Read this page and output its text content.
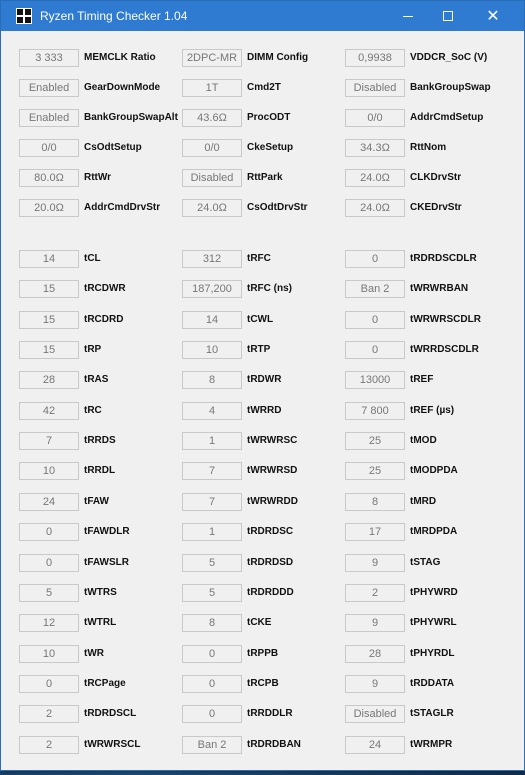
Ryzen Timing Checker 1.04	✕
3 333	MEMCLK Ratio	2DPC-MR DIMM Config	0,9938	VDDCR_SoC (V)
Enabled	GearDownMode	1T	Cmd2T	Disabled	BankGroupSwap
Enabled	BankGroupSwapAlt	43.6Ω	ProcODT	0/0	AddrCmdSetup
0/0	CsOdtSetup	0/0	CkeSetup	34.3Ω	RttNom
80.0Ω	RttWr	Disabled	RttPark	24.0Ω	CLKDrvStr
20.0Ω	AddrCmdDrvStr	24.0Ω	CsOdtDrvStr	24.0Ω	CKEDrvStr
14	tCL	312	tRFC	0	tRDRDSCDLR
15	tRCDWR	187,200	tRFC (ns)	Ban 2	tWRWRBAN
15	tRCDRD	14	tCWL	0	tWRWRSCDLR
15	tRP	10	tRTP	0	tWRRDSCDLR
28	tRAS	8	tRDWR	13000	tREF
42	tRC	4	tWRRD	7 800	tREF (µs)
7	tRRDS	1	tWRWRSC	25	tMOD
10	tRRDL	7	tWRWRSD	25	tMODPDA
24	tFAW	7	tWRWRDD	8	tMRD
0	tFAWDLR	1	tRDRDSC	17	tMRDPDA
0	tFAWSLR	5	tRDRDSD	9	tSTAG
5	tWTRS	5	tRDRDDD	2	tPHYWRD
12	tWTRL	8	tCKE	9	tPHYWRL
10	tWR	0	tRPPB	28	tPHYRDL
0	tRCPage	0	tRCPB	9	tRDDATA
2	tRDRDSCL	0	tRRDDLR	Disabled	tSTAGLR
2	tWRWRSCL	Ban 2	tRDRDBAN	24	tWRMPR
